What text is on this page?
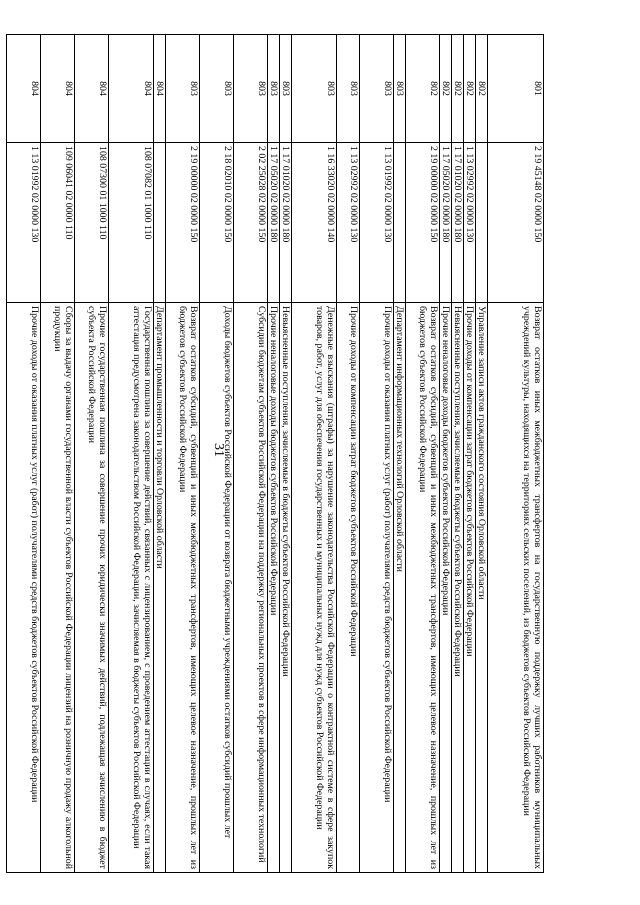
31
801	2 19 45148 02 0000 150	Возврат остатков иных межбюджетных трансфертов на государственную поддержку лучших работников муниципальных учреждений культуры, находящихся на территориях сельских поселений, из бюджетов субъектов Российской Федерации
802		Управление записи актов гражданского состояния Орловской области
802	1 13 02992 02 0000 130	Прочие доходы от компенсации затрат бюджетов субъектов Российской Федерации
802	1 17 01020 02 0000 180	Невыясненные поступления, зачисляемые в бюджеты субъектов Российской Федерации
802	1 17 05020 02 0000 180	Прочие неналоговые доходы бюджетов субъектов Российской Федерации
802	2 19 00000 02 0000 150	Возврат остатков субсидий, субвенций и иных межбюджетных трансфертов, имеющих целевое назначение, прошлых лет из бюджетов субъектов Российской Федерации
803		Департамент информационных технологий Орловской области
803	1 13 01992 02 0000 130	Прочие доходы от оказания платных услуг (работ) получателями средств бюджетов субъектов Российской Федерации
803	1 13 02992 02 0000 130	Прочие доходы от компенсации затрат бюджетов субъектов Российской Федерации
803	1 16 33020 02 0000 140	Денежные взыскания (штрафы) за нарушение законодательства Российской Федерации о контрактной системе в сфере закупок товаров, работ, услуг для обеспечения государственных и муниципальных нужд для нужд субъектов Российской Федерации
803	1 17 01020 02 0000 180	Невыясненные поступления, зачисляемые в бюджеты субъектов Российской Федерации
803	1 17 05020 02 0000 180	Прочие неналоговые доходы бюджетов субъектов Российской Федерации
803	2 02 25028 02 0000 150	Субсидии бюджетам субъектов Российской Федерации на поддержку региональных проектов в сфере информационных технологий
803	2 18 02010 02 0000 150	Доходы бюджетов субъектов Российской Федерации от возврата бюджетными учреждениями остатков субсидий прошлых лет
803	2 19 00000 02 0000 150	Возврат остатков субсидий, субвенций и иных межбюджетных трансфертов, имеющих целевое назначение, прошлых лет из бюджетов субъектов Российской Федерации
804		Департамент промышленности и торговли Орловской области
804	108 07082 01 1000 110	Государственная пошлина за совершение действий, связанных с лицензированием, с проведением аттестации в случаях, если такая аттестация предусмотрена законодательством Российской Федерации, зачисляемая в бюджеты субъектов Российской Федерации
804	108 07300 01 1000 110	Прочие государственная пошлина за совершение прочих юридически значимых действий, подлежащая зачислению в бюджет субъекта Российской Федерации
804	109 06041 02 0000 110	Сборы за выдачу органами государственной власти субъектов Российской Федерации лицензий на розничную продажу алкогольной продукции
804	1 13 01992 02 0000 130	Прочие доходы от оказания платных услуг (работ) получателями средств бюджетов субъектов Российской Федерации
